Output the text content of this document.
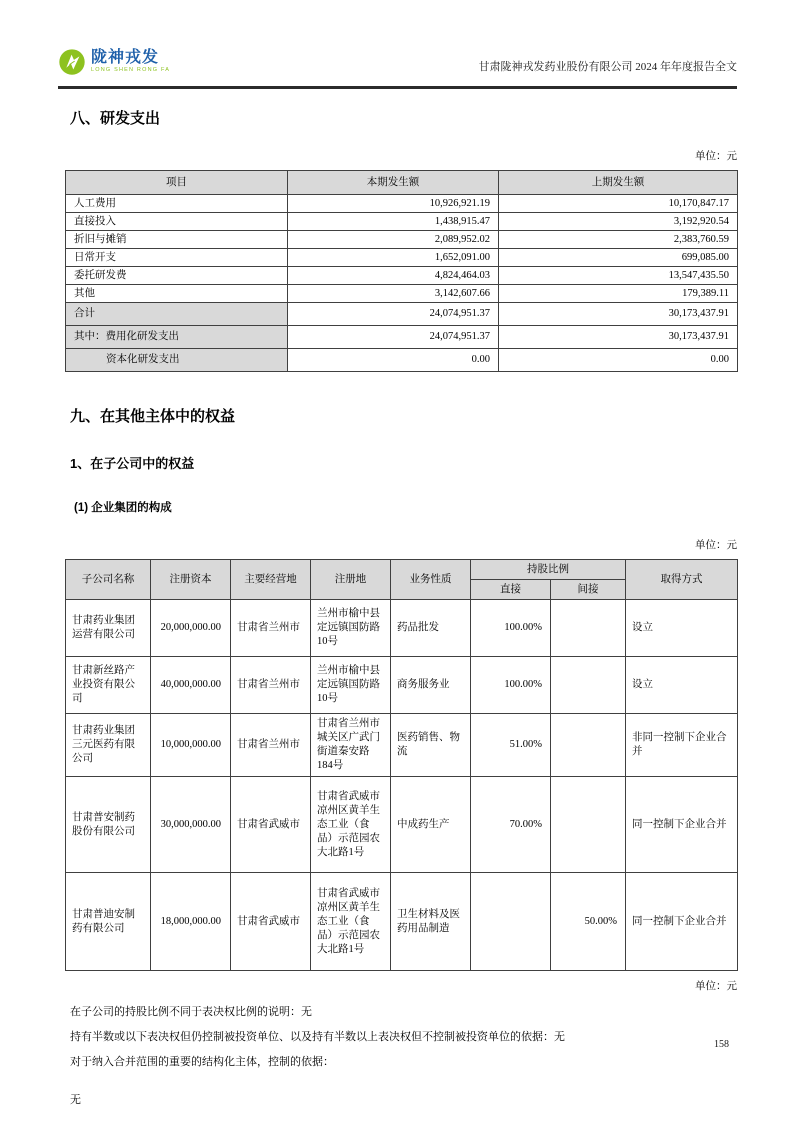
陇神戎发
LONG SHEN RONG FA	甘肃陇神戎发药业股份有限公司 2024 年年度报告全文
八、研发支出
单位：元
项目	本期发生额	上期发生额
人工费用	10,926,921.19	10,170,847.17
直接投入	1,438,915.47	3,192,920.54
折旧与摊销	2,089,952.02	2,383,760.59
日常开支	1,652,091.00	699,085.00
委托研发费	4,824,464.03	13,547,435.50
其他	3,142,607.66	179,389.11
合计	24,074,951.37	30,173,437.91
其中：费用化研发支出	24,074,951.37	30,173,437.91
资本化研发支出	0.00	0.00
九、在其他主体中的权益
1、在子公司中的权益
(1) 企业集团的构成
单位：元
子公司名称	注册资本	主要经营地	注册地	业务性质	持股比例		取得方式
					直接	间接	
甘肃药业集团运营有限公司	20,000,000.00	甘肃省兰州市	兰州市榆中县定远镇国防路10号	药品批发	100.00%		设立
甘肃新丝路产业投资有限公司	40,000,000.00	甘肃省兰州市	兰州市榆中县定远镇国防路10号	商务服务业	100.00%		设立
甘肃药业集团三元医药有限公司	10,000,000.00	甘肃省兰州市	甘肃省兰州市城关区广武门街道秦安路184号	医药销售、物流	51.00%		非同一控制下企业合并
甘肃普安制药股份有限公司	30,000,000.00	甘肃省武威市	甘肃省武威市凉州区黄羊生态工业（食品）示范园农大北路1号	中成药生产	70.00%		同一控制下企业合并
甘肃普迪安制药有限公司	18,000,000.00	甘肃省武威市	甘肃省武威市凉州区黄羊生态工业（食品）示范园农大北路1号	卫生材料及医药用品制造		50.00%	同一控制下企业合并
单位：元

在子公司的持股比例不同于表决权比例的说明：无

持有半数或以下表决权但仍控制被投资单位、以及持有半数以上表决权但不控制被投资单位的依据：无

对于纳入合并范围的重要的结构化主体，控制的依据：

无
158
